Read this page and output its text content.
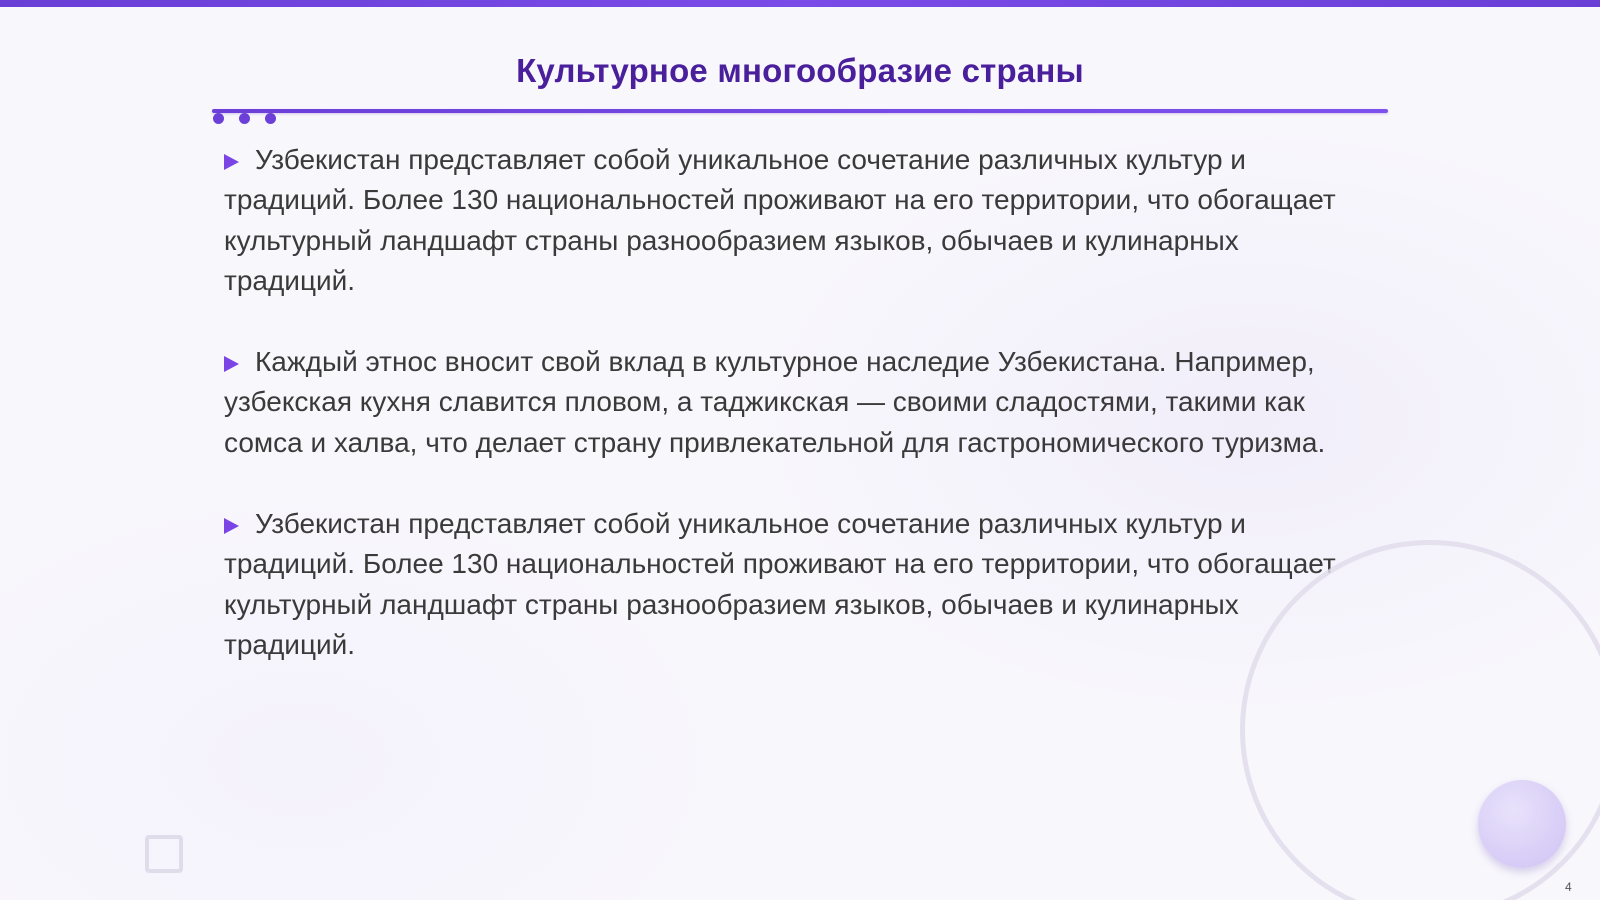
Культурное многообразие страны

Узбекистан представляет собой уникальное сочетание различных культур и традиций. Более 130 национальностей проживают на его территории, что обогащает культурный ландшафт страны разнообразием языков, обычаев и кулинарных традиций.

Каждый этнос вносит свой вклад в культурное наследие Узбекистана. Например, узбекская кухня славится пловом, а таджикская — своими сладостями, такими как сомса и халва, что делает страну привлекательной для гастрономического туризма.

Узбекистан представляет собой уникальное сочетание различных культур и традиций. Более 130 национальностей проживают на его территории, что обогащает культурный ландшафт страны разнообразием языков, обычаев и кулинарных традиций.

4
